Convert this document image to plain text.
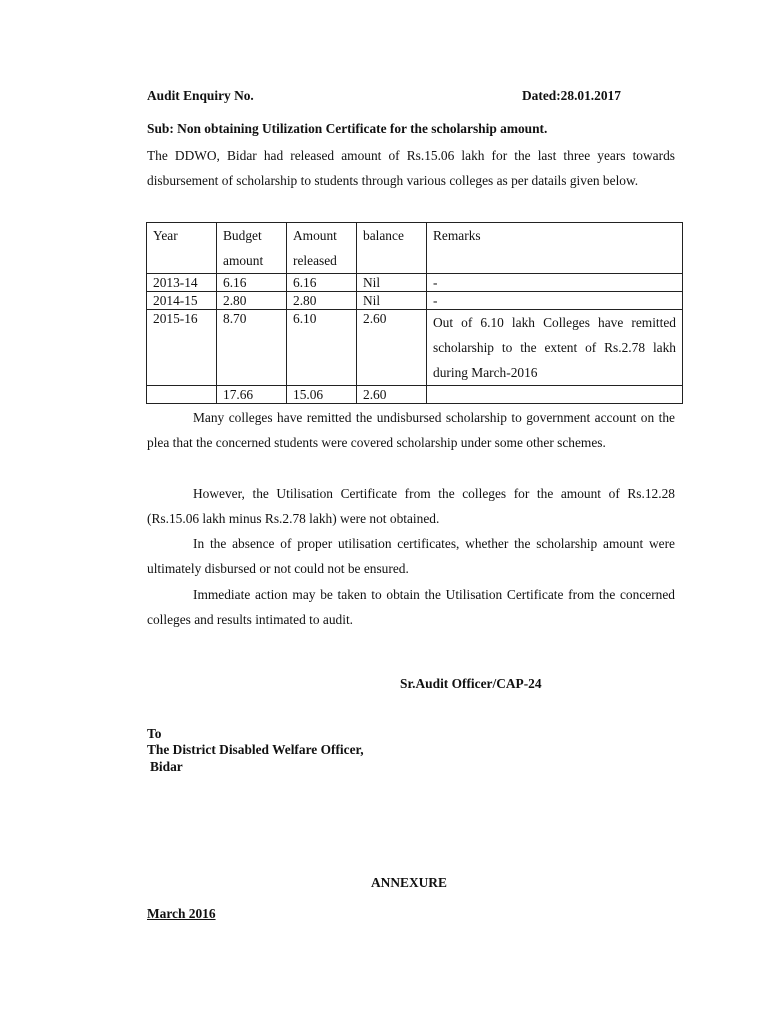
Audit Enquiry No.	Dated:28.01.2017
Sub: Non obtaining Utilization Certificate for the scholarship amount.

The DDWO, Bidar had released amount of Rs.15.06 lakh for the last three years towards disbursement of scholarship to students through various colleges as per datails given below.

Year	Budget amount	Amount released	balance	Remarks
2013-14	6.16	6.16	Nil	-
2014-15	2.80	2.80	Nil	-
2015-16	8.70	6.10	2.60	Out of 6.10 lakh Colleges have remitted scholarship to the extent of Rs.2.78 lakh during March-2016
	17.66	15.06	2.60	

Many colleges have remitted the undisbursed scholarship to government account on the plea that the concerned students were covered scholarship under some other schemes.

However, the Utilisation Certificate from the colleges for the amount of Rs.12.28 (Rs.15.06 lakh minus Rs.2.78 lakh) were not obtained.

In the absence of proper utilisation certificates, whether the scholarship amount were ultimately disbursed or not could not be ensured.

Immediate action may be taken to obtain the Utilisation Certificate from the concerned colleges and results intimated to audit.

Sr.Audit Officer/CAP-24
To
The District Disabled Welfare Officer,
Bidar
ANNEXURE
March 2016
